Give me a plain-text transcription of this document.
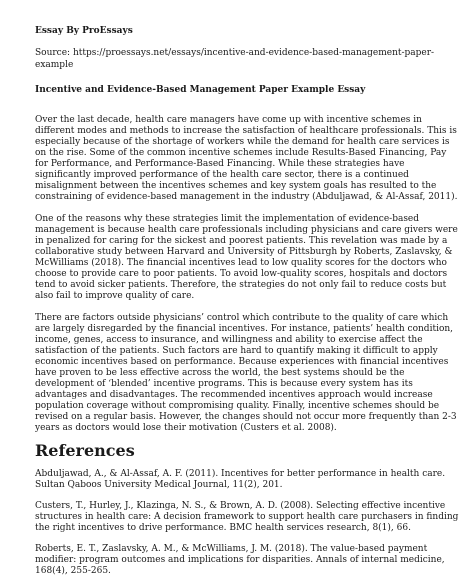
Essay By ProEssays

Source: https://proessays.net/essays/incentive-and-evidence-based-management-paper-example

Incentive and Evidence-Based Management Paper Example Essay

Over the last decade, health care managers have come up with incentive schemes in different modes and methods to increase the satisfaction of healthcare professionals. This is especially because of the shortage of workers while the demand for health care services is on the rise. Some of the common incentive schemes include Results-Based Financing, Pay for Performance, and Performance-Based Financing. While these strategies have significantly improved performance of the health care sector, there is a continued misalignment between the incentives schemes and key system goals has resulted to the constraining of evidence-based management in the industry (Abduljawad, & Al-Assaf, 2011).

One of the reasons why these strategies limit the implementation of evidence-based management is because health care professionals including physicians and care givers were in penalized for caring for the sickest and poorest patients. This revelation was made by a collaborative study between Harvard and University of Pittsburgh by Roberts, Zaslavsky, & McWilliams (2018). The financial incentives lead to low quality scores for the doctors who choose to provide care to poor patients. To avoid low-quality scores, hospitals and doctors tend to avoid sicker patients. Therefore, the strategies do not only fail to reduce costs but also fail to improve quality of care.

There are factors outside physicians’ control which contribute to the quality of care which are largely disregarded by the financial incentives. For instance, patients’ health condition, income, genes, access to insurance, and willingness and ability to exercise affect the satisfaction of the patients. Such factors are hard to quantify making it difficult to apply economic incentives based on performance. Because experiences with financial incentives have proven to be less effective across the world, the best systems should be the development of ‘blended’ incentive programs. This is because every system has its advantages and disadvantages. The recommended incentives approach would increase population coverage without compromising quality. Finally, incentive schemes should be revised on a regular basis. However, the changes should not occur more frequently than 2-3 years as doctors would lose their motivation (Custers et al. 2008).

References

Abduljawad, A., & Al-Assaf, A. F. (2011). Incentives for better performance in health care. Sultan Qaboos University Medical Journal, 11(2), 201.

Custers, T., Hurley, J., Klazinga, N. S., & Brown, A. D. (2008). Selecting effective incentive structures in health care: A decision framework to support health care purchasers in finding the right incentives to drive performance. BMC health services research, 8(1), 66.

Roberts, E. T., Zaslavsky, A. M., & McWilliams, J. M. (2018). The value-based payment modifier: program outcomes and implications for disparities. Annals of internal medicine, 168(4), 255-265.
